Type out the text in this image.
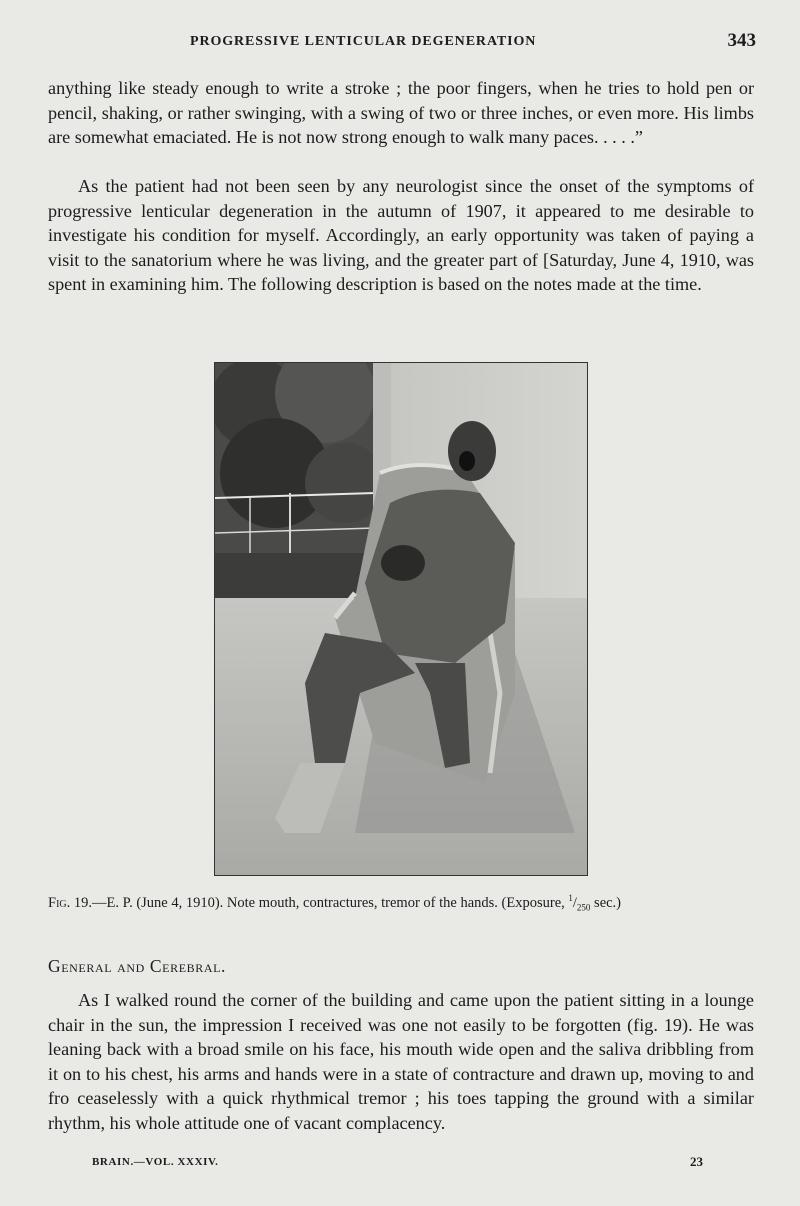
PROGRESSIVE LENTICULAR DEGENERATION	343

anything like steady enough to write a stroke ; the poor fingers, when he tries to hold pen or pencil, shaking, or rather swinging, with a swing of two or three inches, or even more. His limbs are somewhat emaciated. He is not now strong enough to walk many paces. . . . .”

As the patient had not been seen by any neurologist since the onset of the symptoms of progressive lenticular degeneration in the autumn of 1907, it appeared to me desirable to investigate his condition for myself. Accordingly, an early opportunity was taken of paying a visit to the sanatorium where he was living, and the greater part of [Saturday, June 4, 1910, was spent in examining him. The following description is based on the notes made at the time.

Fig. 19.—E. P. (June 4, 1910). Note mouth, contractures, tremor of the hands. (Exposure, $^1/_{250}$ sec.)
General and Cerebral.

As I walked round the corner of the building and came upon the patient sitting in a lounge chair in the sun, the impression I received was one not easily to be forgotten (fig. 19). He was leaning back with a broad smile on his face, his mouth wide open and the saliva dribbling from it on to his chest, his arms and hands were in a state of contracture and drawn up, moving to and fro ceaselessly with a quick rhythmical tremor ; his toes tapping the ground with a similar rhythm, his whole attitude one of vacant complacency.

BRAIN.—VOL. XXXIV.	23
